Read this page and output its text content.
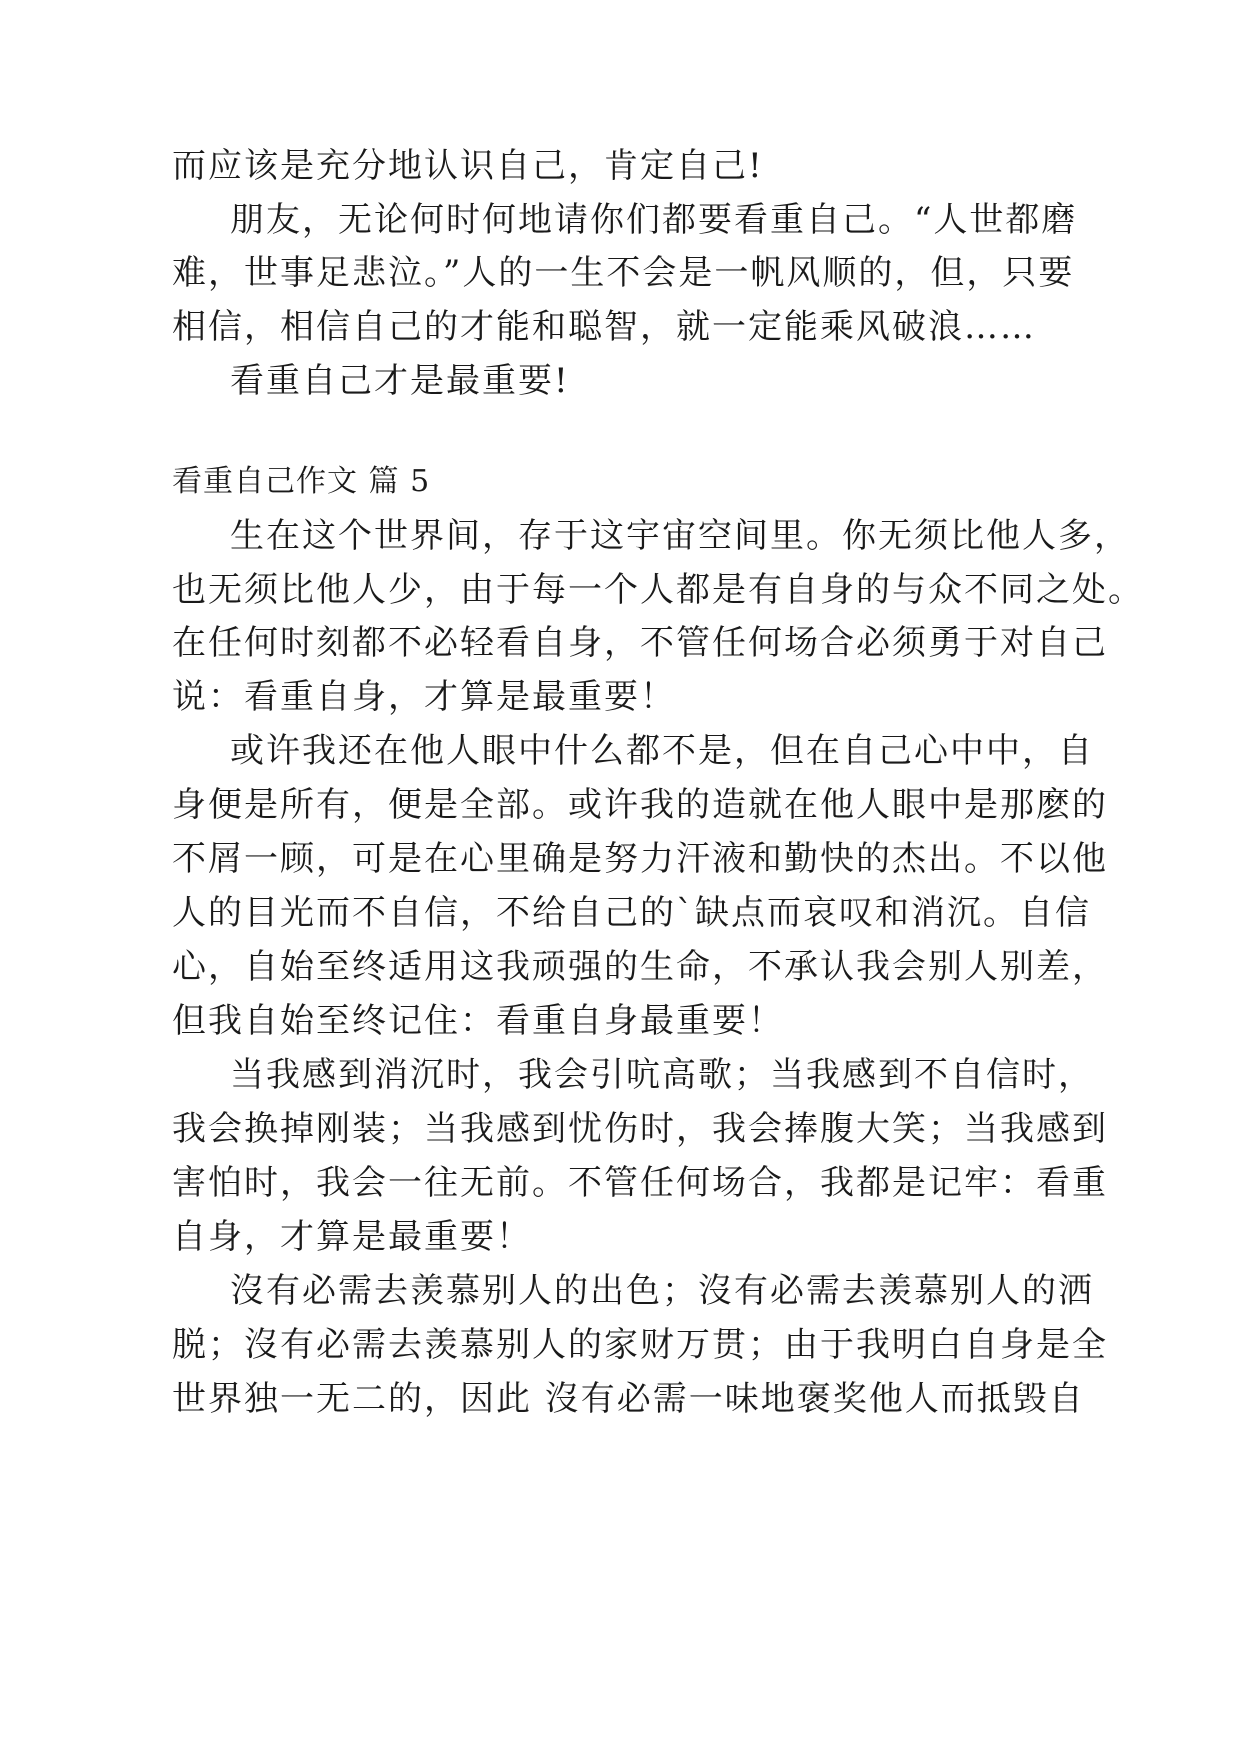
而应该是充分地认识自己，肯定自己!
朋友，无论何时何地请你们都要看重自己。“人世都磨
难，世事足悲泣。”人的一生不会是一帆风顺的，但，只要
相信，相信自己的才能和聪智，就一定能乘风破浪……
看重自己才是最重要!
看重自己作文 篇 5
生在这个世界间，存于这宇宙空间里。你无须比他人多，
也无须比他人少，由于每一个人都是有自身的与众不同之处。
在任何时刻都不必轻看自身，不管任何场合必须勇于对自己
说：看重自身，才算是最重要！
或许我还在他人眼中什么都不是，但在自己心中中，自
身便是所有，便是全部。或许我的造就在他人眼中是那麽的
不屑一顾，可是在心里确是努力汗液和勤快的杰出。不以他
人的目光而不自信，不给自己的`缺点而哀叹和消沉。自信
心，自始至终适用这我顽强的生命，不承认我会别人别差，
但我自始至终记住：看重自身最重要！
当我感到消沉时，我会引吭高歌；当我感到不自信时，
我会换掉刚装；当我感到忧伤时，我会捧腹大笑；当我感到
害怕时，我会一往无前。不管任何场合，我都是记牢：看重
自身，才算是最重要！
沒有必需去羡慕别人的出色；沒有必需去羡慕别人的洒
脱；沒有必需去羡慕别人的家财万贯；由于我明白自身是全
世界独一无二的，因此 沒有必需一味地褒奖他人而抵毁自
